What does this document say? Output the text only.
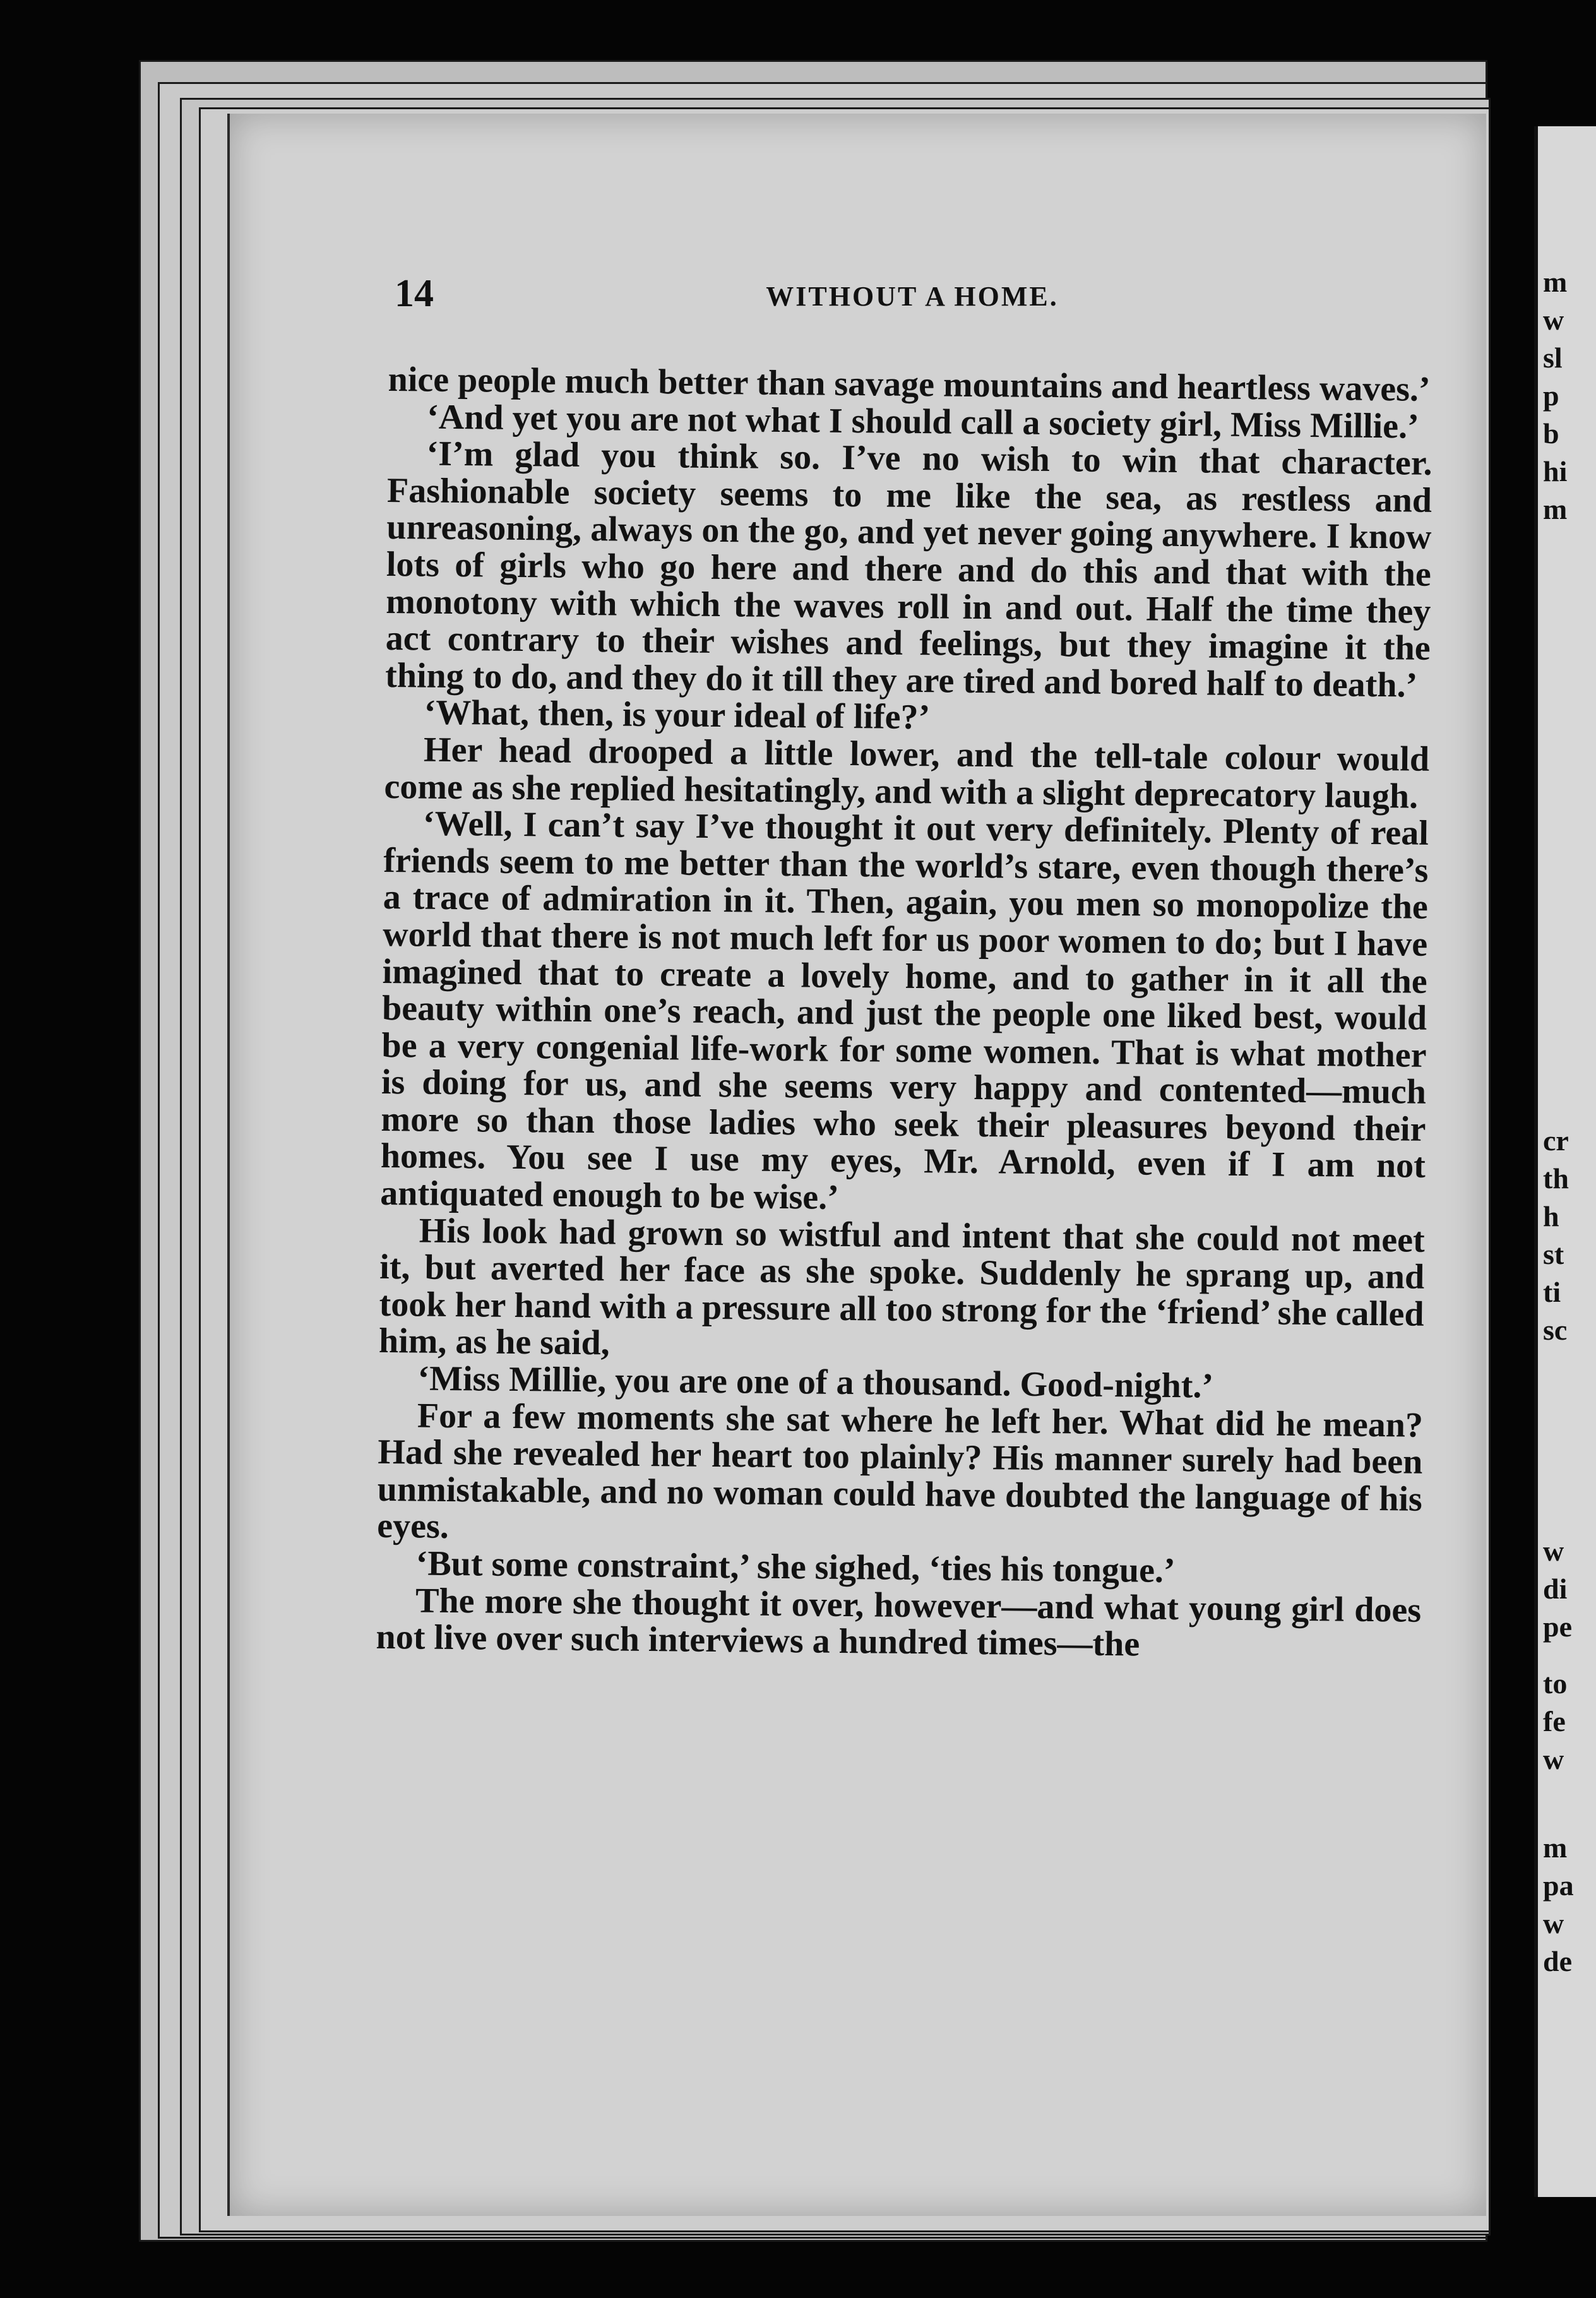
m
w
sl
p
b
hi
m
cr
th
h
st
ti
sc
w
di
pe
to
fe
w
m
pa
w
de
14	WITHOUT A HOME.

nice people much better than savage mountains and heartless waves.’

‘And yet you are not what I should call a society girl, Miss Millie.’

‘I’m glad you think so. I’ve no wish to win that character. Fashionable society seems to me like the sea, as restless and unreasoning, always on the go, and yet never going anywhere. I know lots of girls who go here and there and do this and that with the monotony with which the waves roll in and out. Half the time they act contrary to their wishes and feelings, but they imagine it the thing to do, and they do it till they are tired and bored half to death.’

‘What, then, is your ideal of life?’

Her head drooped a little lower, and the tell-tale colour would come as she replied hesitatingly, and with a slight deprecatory laugh.

‘Well, I can’t say I’ve thought it out very definitely. Plenty of real friends seem to me better than the world’s stare, even though there’s a trace of admiration in it. Then, again, you men so monopolize the world that there is not much left for us poor women to do; but I have imagined that to create a lovely home, and to gather in it all the beauty within one’s reach, and just the people one liked best, would be a very congenial life-work for some women. That is what mother is doing for us, and she seems very happy and contented—much more so than those ladies who seek their pleasures beyond their homes. You see I use my eyes, Mr. Arnold, even if I am not antiquated enough to be wise.’

His look had grown so wistful and intent that she could not meet it, but averted her face as she spoke. Suddenly he sprang up, and took her hand with a pressure all too strong for the ‘friend’ she called him, as he said,

‘Miss Millie, you are one of a thousand. Good-night.’

For a few moments she sat where he left her. What did he mean? Had she revealed her heart too plainly? His manner surely had been unmistakable, and no woman could have doubted the language of his eyes.

‘But some constraint,’ she sighed, ‘ties his tongue.’

The more she thought it over, however—and what young girl does not live over such interviews a hundred times—the
